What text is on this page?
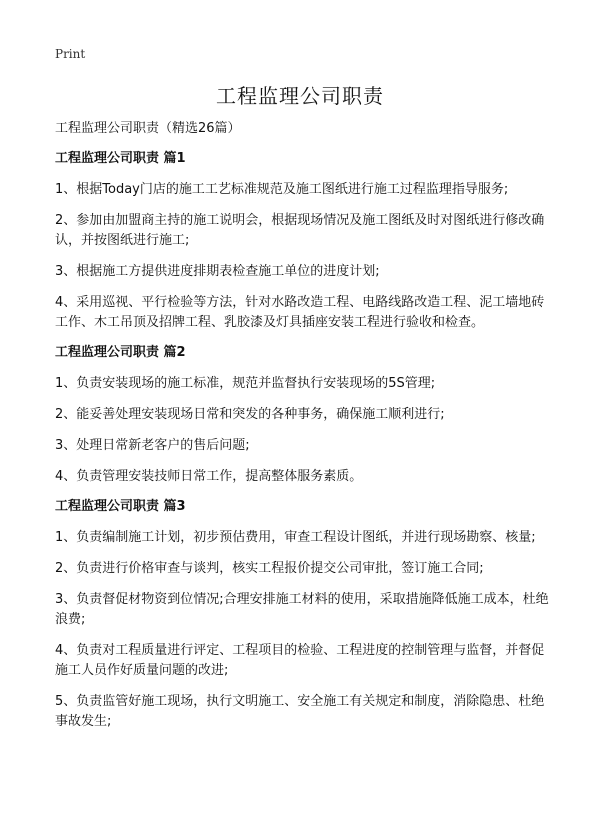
Print
工程监理公司职责

工程监理公司职责（精选26篇）

工程监理公司职责 篇1

1、根据Today门店的施工工艺标准规范及施工图纸进行施工过程监理指导服务;

2、参加由加盟商主持的施工说明会，根据现场情况及施工图纸及时对图纸进行修改确认，并按图纸进行施工;

3、根据施工方提供进度排期表检查施工单位的进度计划;

4、采用巡视、平行检验等方法，针对水路改造工程、电路线路改造工程、泥工墙地砖工作、木工吊顶及招牌工程、乳胶漆及灯具插座安装工程进行验收和检查。

工程监理公司职责 篇2

1、负责安装现场的施工标准，规范并监督执行安装现场的5S管理;

2、能妥善处理安装现场日常和突发的各种事务，确保施工顺利进行;

3、处理日常新老客户的售后问题;

4、负责管理安装技师日常工作，提高整体服务素质。

工程监理公司职责 篇3

1、负责编制施工计划，初步预估费用，审查工程设计图纸，并进行现场勘察、核量;

2、负责进行价格审查与谈判，核实工程报价提交公司审批，签订施工合同;

3、负责督促材物资到位情况;合理安排施工材料的使用，采取措施降低施工成本，杜绝浪费;

4、负责对工程质量进行评定、工程项目的检验、工程进度的控制管理与监督，并督促施工人员作好质量问题的改进;

5、负责监管好施工现场，执行文明施工、安全施工有关规定和制度，消除隐患、杜绝事故发生;
